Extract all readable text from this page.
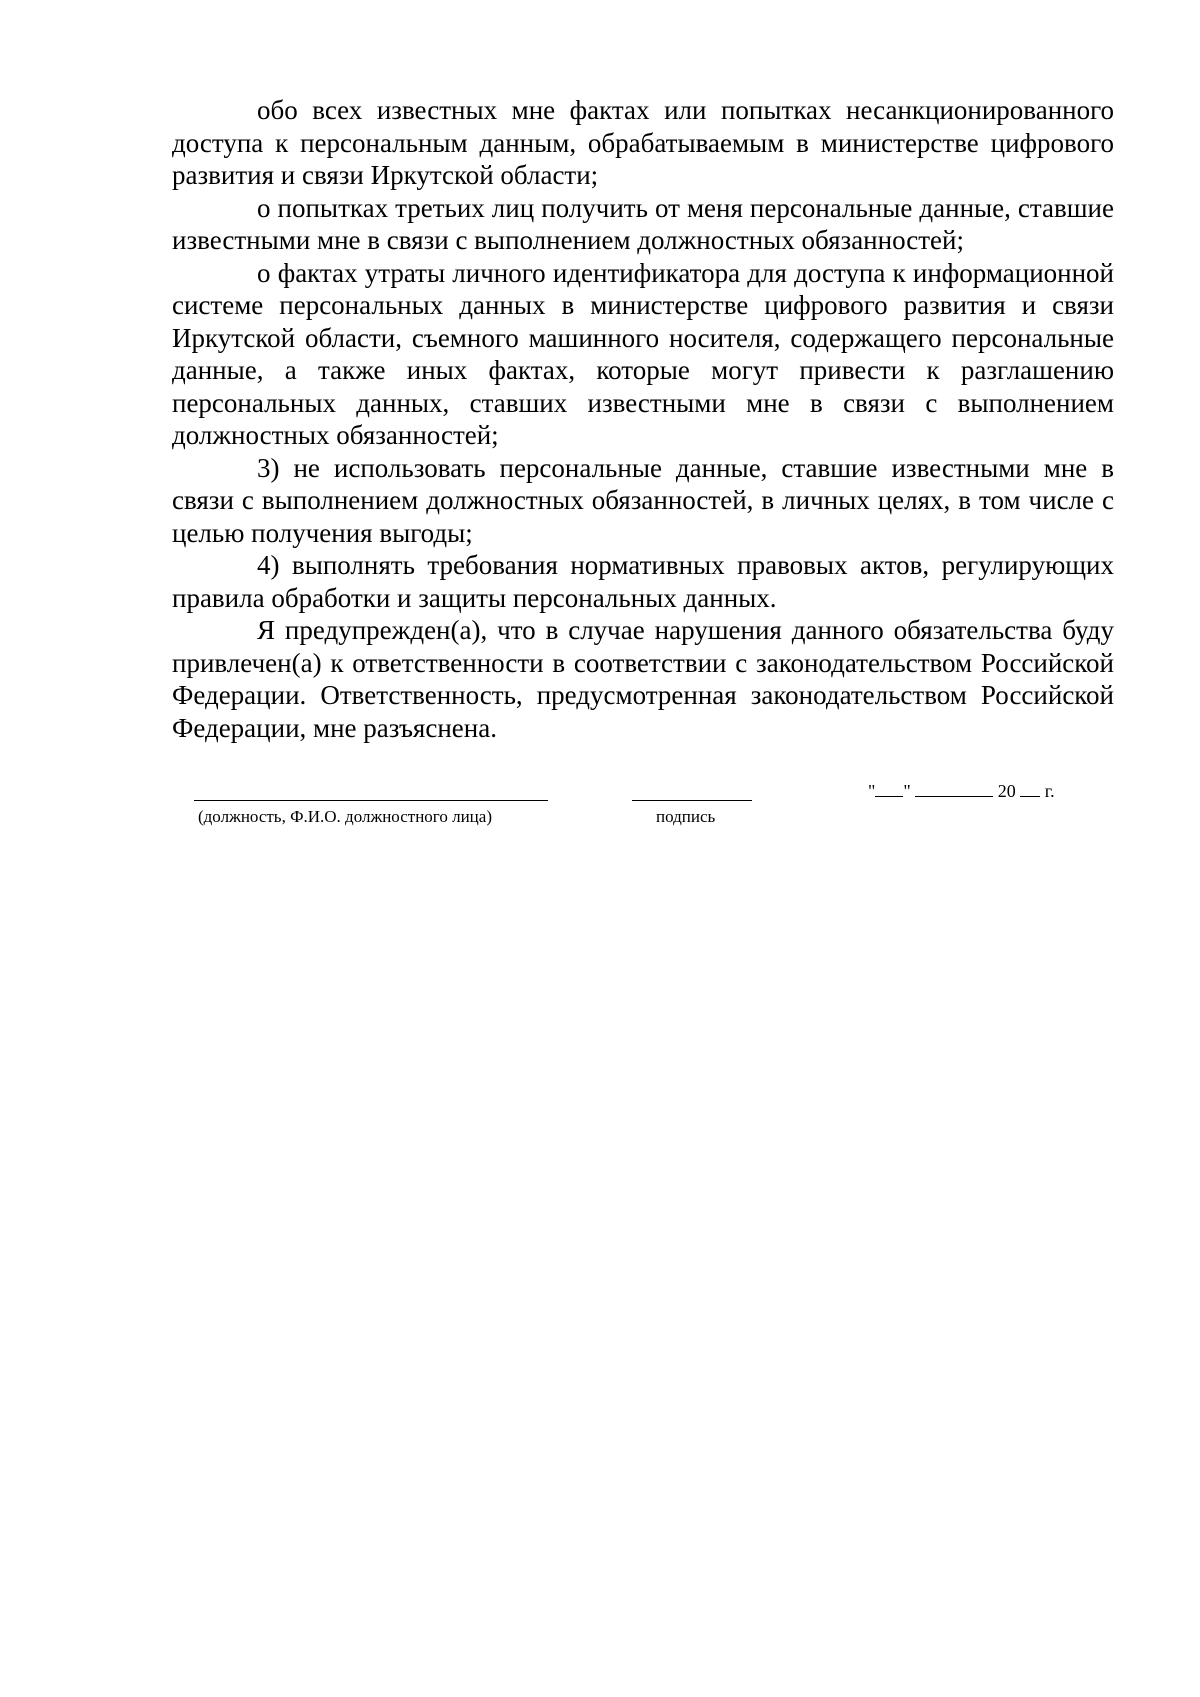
обо всех известных мне фактах или попытках несанкционированного доступа к персональным данным, обрабатываемым в министерстве цифрового развития и связи Иркутской области;

о попытках третьих лиц получить от меня персональные данные, ставшие известными мне в связи с выполнением должностных обязанностей;

о фактах утраты личного идентификатора для доступа к информационной системе персональных данных в министерстве цифрового развития и связи Иркутской области, съемного машинного носителя, содержащего персональные данные, а также иных фактах, которые могут привести к разглашению персональных данных, ставших известными мне в связи с выполнением должностных обязанностей;

3) не использовать персональные данные, ставшие известными мне в связи с выполнением должностных обязанностей, в личных целях, в том числе с целью получения выгоды;

4) выполнять требования нормативных правовых актов, регулирующих правила обработки и защиты персональных данных.

Я предупрежден(а), что в случае нарушения данного обязательства буду привлечен(а) к ответственности в соответствии с законодательством Российской Федерации. Ответственность, предусмотренная законодательством Российской Федерации, мне разъяснена.

(должность, Ф.И.О. должностного лица)	подпись
" "	20 г.
